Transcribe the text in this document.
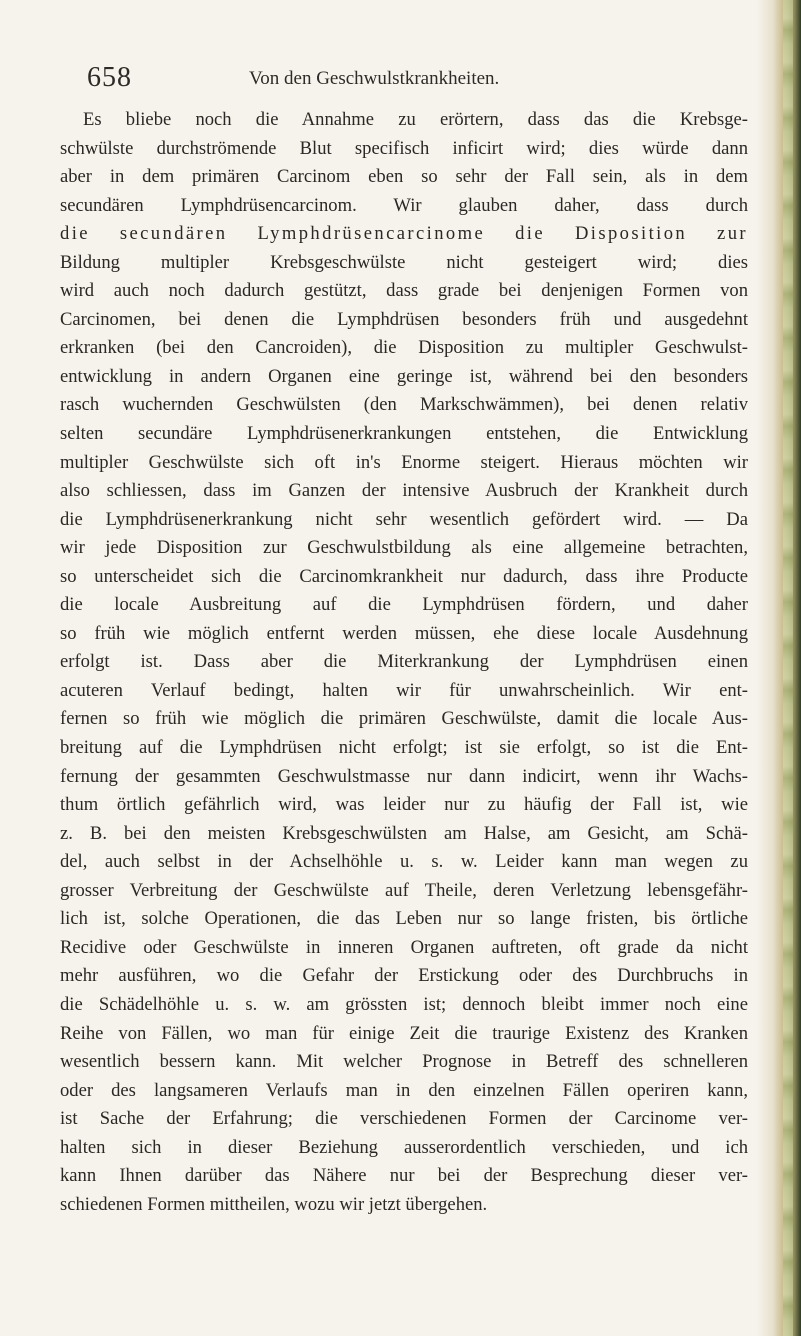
658	Von den Geschwulstkrankheiten.
Es bliebe noch die Annahme zu erörtern, dass das die Krebsge-
schwülste durchströmende Blut specifisch inficirt wird; dies würde dann
aber in dem primären Carcinom eben so sehr der Fall sein, als in dem
secundären Lymphdrüsencarcinom. Wir glauben daher, dass durch
die secundären Lymphdrüsencarcinome die Disposition zur
Bildung multipler Krebsgeschwülste nicht gesteigert wird; dies
wird auch noch dadurch gestützt, dass grade bei denjenigen Formen von
Carcinomen, bei denen die Lymphdrüsen besonders früh und ausgedehnt
erkranken (bei den Cancroiden), die Disposition zu multipler Geschwulst-
entwicklung in andern Organen eine geringe ist, während bei den besonders
rasch wuchernden Geschwülsten (den Markschwämmen), bei denen relativ
selten secundäre Lymphdrüsenerkrankungen entstehen, die Entwicklung
multipler Geschwülste sich oft in's Enorme steigert. Hieraus möchten wir
also schliessen, dass im Ganzen der intensive Ausbruch der Krankheit durch
die Lymphdrüsenerkrankung nicht sehr wesentlich gefördert wird. — Da
wir jede Disposition zur Geschwulstbildung als eine allgemeine betrachten,
so unterscheidet sich die Carcinomkrankheit nur dadurch, dass ihre Producte
die locale Ausbreitung auf die Lymphdrüsen fördern, und daher
so früh wie möglich entfernt werden müssen, ehe diese locale Ausdehnung
erfolgt ist. Dass aber die Miterkrankung der Lymphdrüsen einen
acuteren Verlauf bedingt, halten wir für unwahrscheinlich. Wir ent-
fernen so früh wie möglich die primären Geschwülste, damit die locale Aus-
breitung auf die Lymphdrüsen nicht erfolgt; ist sie erfolgt, so ist die Ent-
fernung der gesammten Geschwulstmasse nur dann indicirt, wenn ihr Wachs-
thum örtlich gefährlich wird, was leider nur zu häufig der Fall ist, wie
z. B. bei den meisten Krebsgeschwülsten am Halse, am Gesicht, am Schä-
del, auch selbst in der Achselhöhle u. s. w. Leider kann man wegen zu
grosser Verbreitung der Geschwülste auf Theile, deren Verletzung lebensgefähr-
lich ist, solche Operationen, die das Leben nur so lange fristen, bis örtliche
Recidive oder Geschwülste in inneren Organen auftreten, oft grade da nicht
mehr ausführen, wo die Gefahr der Erstickung oder des Durchbruchs in
die Schädelhöhle u. s. w. am grössten ist; dennoch bleibt immer noch eine
Reihe von Fällen, wo man für einige Zeit die traurige Existenz des Kranken
wesentlich bessern kann. Mit welcher Prognose in Betreff des schnelleren
oder des langsameren Verlaufs man in den einzelnen Fällen operiren kann,
ist Sache der Erfahrung; die verschiedenen Formen der Carcinome ver-
halten sich in dieser Beziehung ausserordentlich verschieden, und ich
kann Ihnen darüber das Nähere nur bei der Besprechung dieser ver-
schiedenen Formen mittheilen, wozu wir jetzt übergehen.
